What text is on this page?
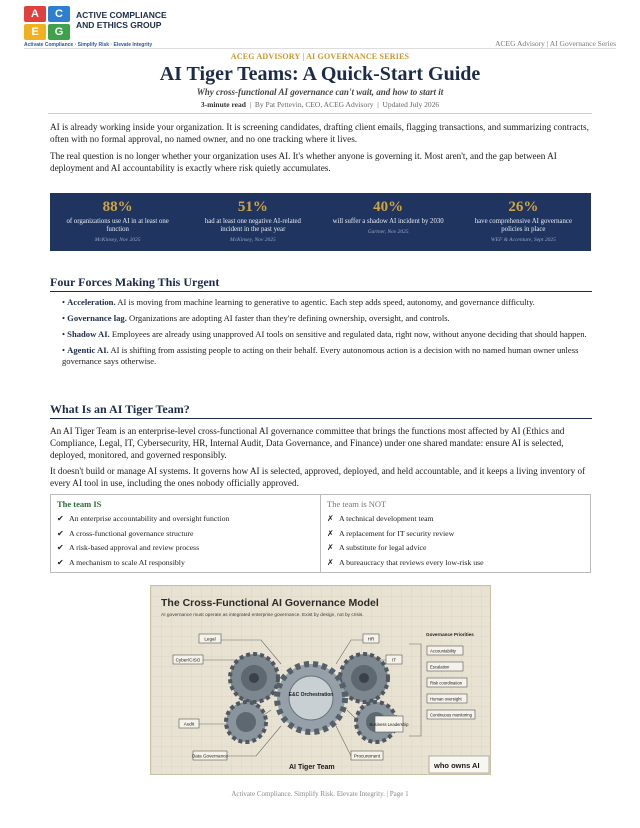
A	C
E	G
ACTIVE COMPLIANCE
AND ETHICS GROUP
Activate Compliance · Simplify Risk · Elevate Integrity	ACEG Advisory | AI Governance Series
ACEG ADVISORY | AI GOVERNANCE SERIES
AI Tiger Teams: A Quick-Start Guide
Why cross-functional AI governance can't wait, and how to start it
3-minute read  |  By Pat Pettevin, CEO, ACEG Advisory  |  Updated July 2026

AI is already working inside your organization. It is screening candidates, drafting client emails, flagging transactions, and summarizing contracts, often with no formal approval, no named owner, and no one tracking where it lives.

The real question is no longer whether your organization uses AI. It's whether anyone is governing it. Most aren't, and the gap between AI deployment and AI accountability is exactly where risk quietly accumulates.

88%
of organizations use AI in at least one function
McKinsey, Nov 2025
51%
had at least one negative AI-related incident in the past year
McKinsey, Nov 2025
40%
will suffer a shadow AI incident by 2030
Gartner, Nov 2025
26%
have comprehensive AI governance policies in place
WEF & Accenture, Sept 2025
Four Forces Making This Urgent
• Acceleration. AI is moving from machine learning to generative to agentic. Each step adds speed, autonomy, and governance difficulty.
• Governance lag. Organizations are adopting AI faster than they're defining ownership, oversight, and controls.
• Shadow AI. Employees are already using unapproved AI tools on sensitive and regulated data, right now, without anyone deciding that should happen.
• Agentic AI. AI is shifting from assisting people to acting on their behalf. Every autonomous action is a decision with no named human owner unless governance says otherwise.
What Is an AI Tiger Team?

An AI Tiger Team is an enterprise-level cross-functional AI governance committee that brings the functions most affected by AI (Ethics and Compliance, Legal, IT, Cybersecurity, HR, Internal Audit, Data Governance, and Finance) under one shared mandate: ensure AI is selected, deployed, monitored, and governed responsibly.

It doesn't build or manage AI systems. It governs how AI is selected, approved, deployed, and held accountable, and it keeps a living inventory of every AI tool in use, including the ones nobody officially approved.

The team IS
✔ An enterprise accountability and oversight function
✔ A cross-functional governance structure
✔ A risk-based approval and review process
✔ A mechanism to scale AI responsibly
The team is NOT
✗ A technical development team
✗ A replacement for IT security review
✗ A substitute for legal advice
✗ A bureaucracy that reviews every low-risk use
The Cross-Functional AI Governance Model
AI governance must operate as integrated enterprise governance. Exist by design, not by crisis.
E&C Orchestration
Legal	HR
Cyber/CISO	IT
Audit	Business Leadership
Data Governance	Procurement
Governance Priorities
Accountability
Escalation
Risk coordination
Human oversight
Continuous monitoring
AI Tiger Team	who owns AI
Activate Compliance. Simplify Risk. Elevate Integrity. | Page 1
